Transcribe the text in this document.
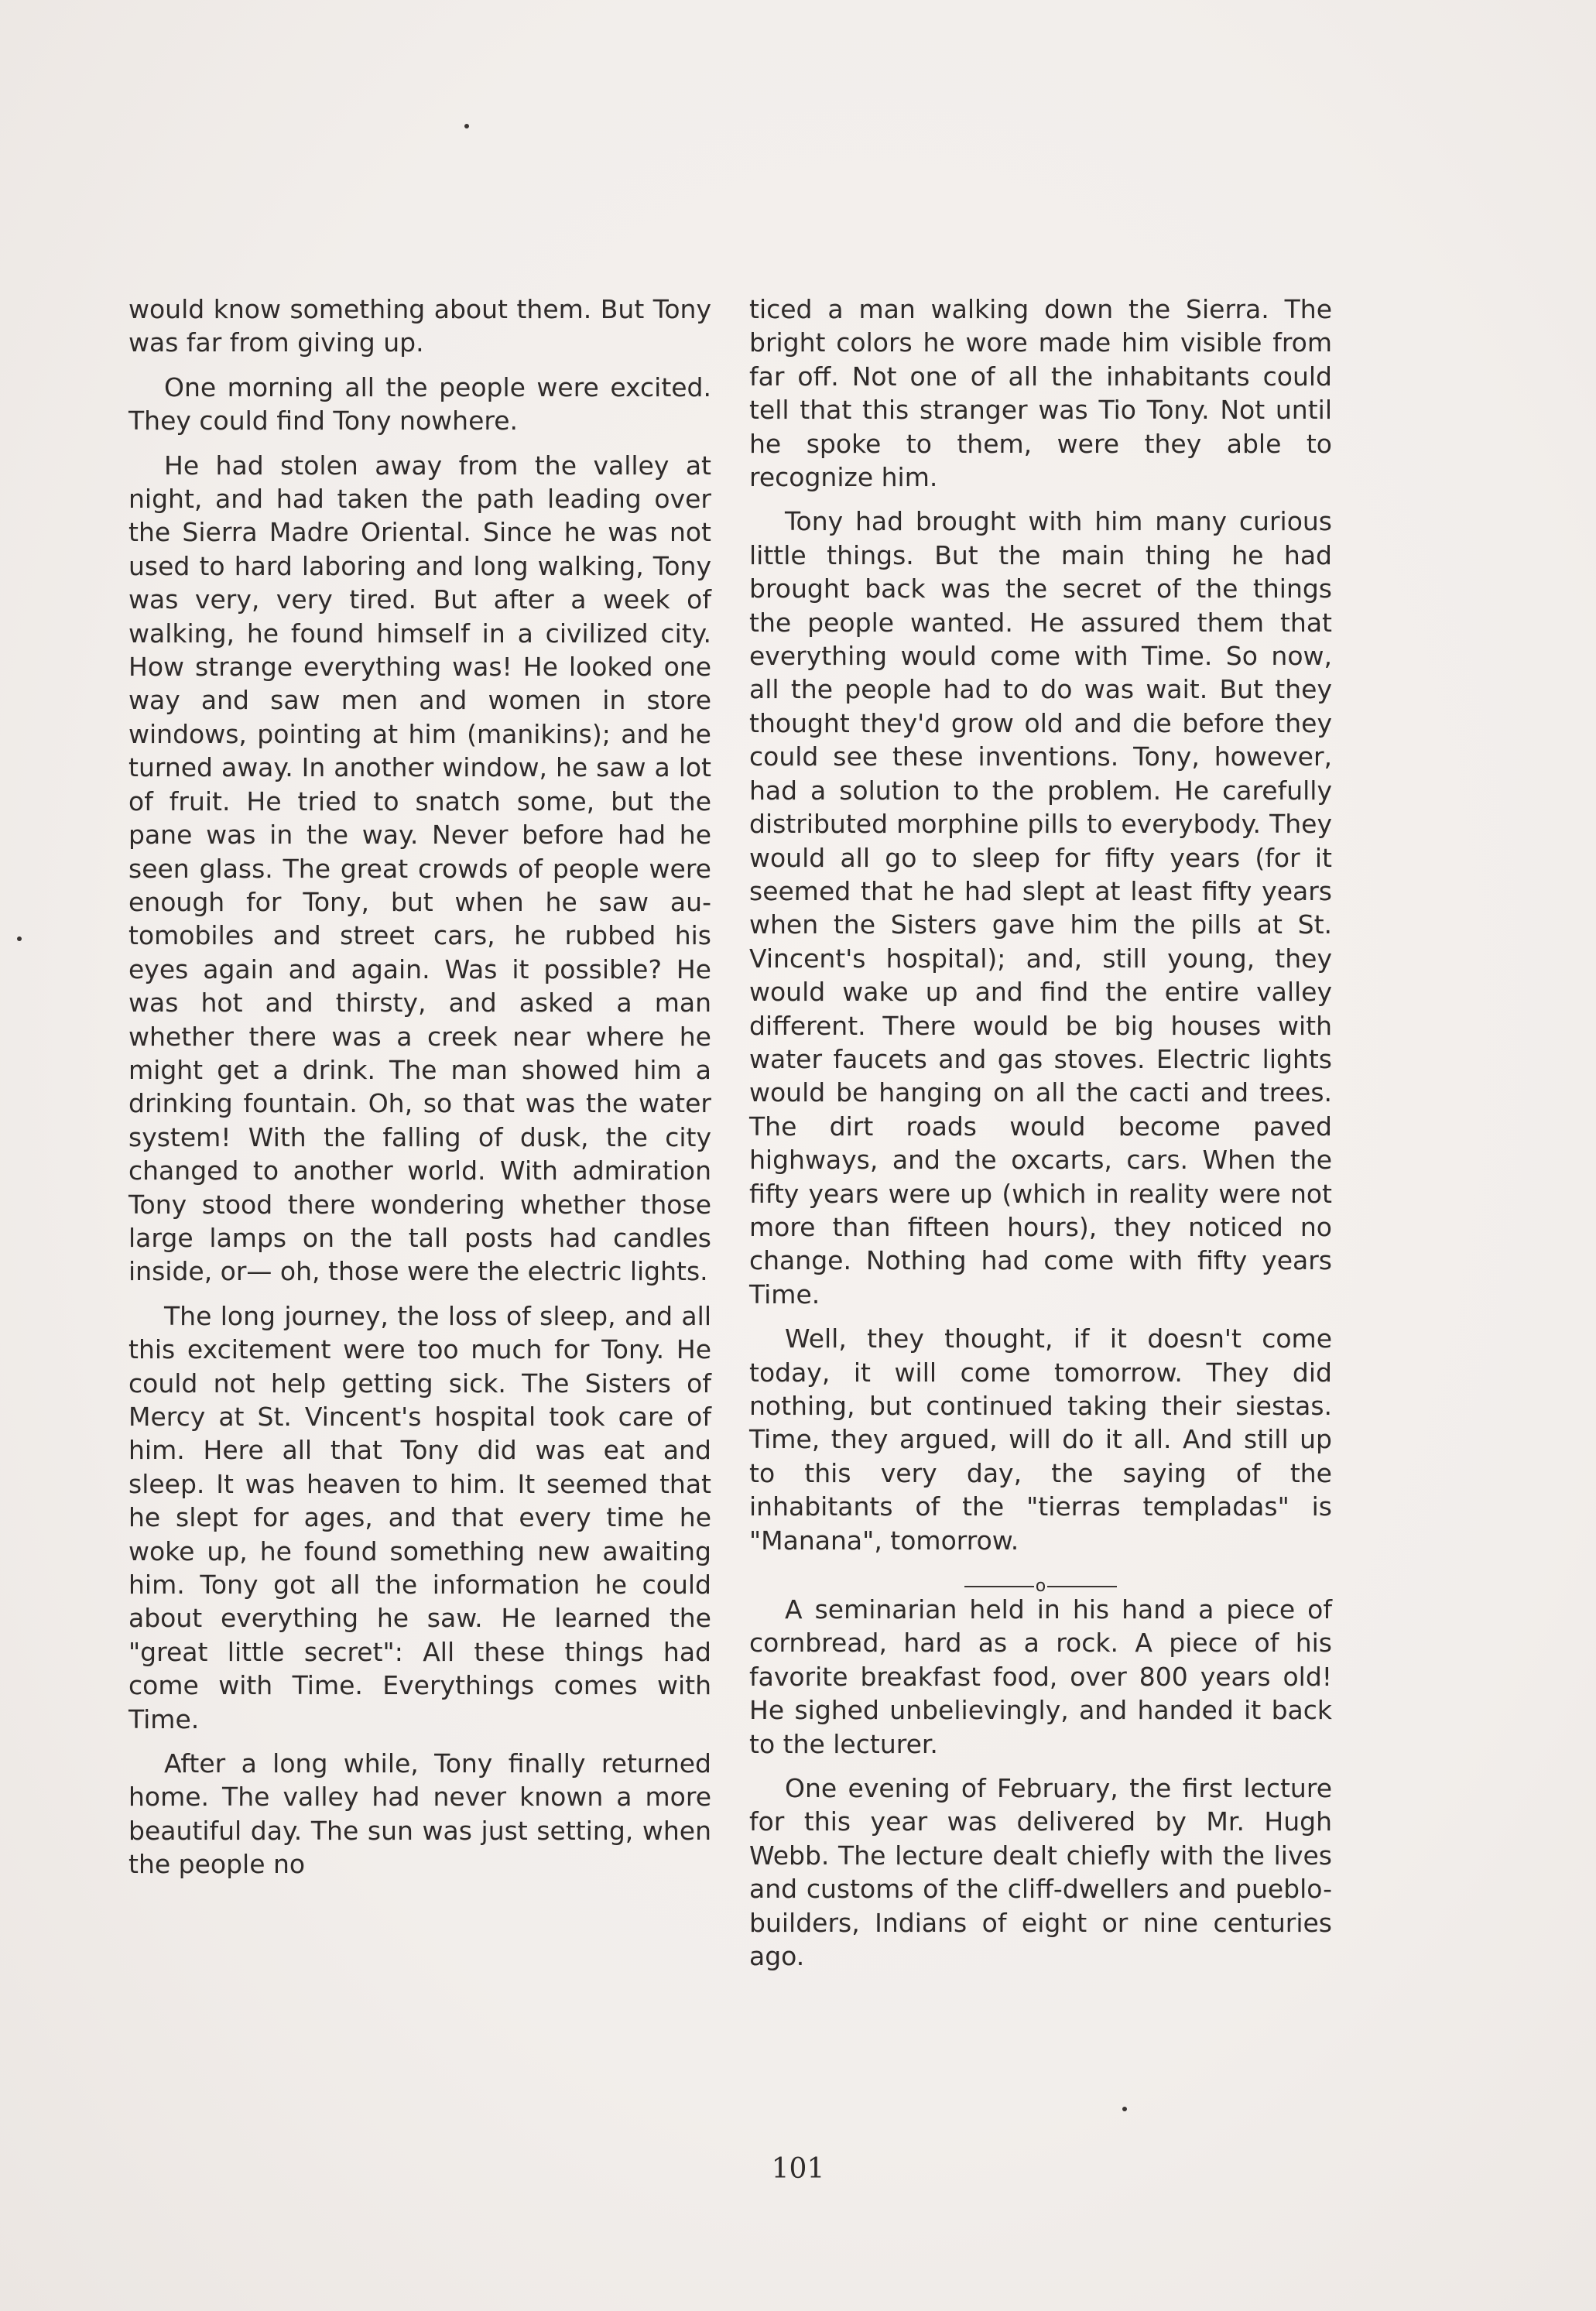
would know something about them. But Tony was far from giving up.

One morning all the people were excited. They could find Tony nowhere.

He had stolen away from the valley at night, and had taken the path leading over the Sierra Madre Oriental. Since he was not used to hard laboring and long walking, Tony was very, very tired. But after a week of walking, he found himself in a civilized city. How strange everything was! He looked one way and saw men and women in store windows, pointing at him (manikins); and he turned away. In another window, he saw a lot of fruit. He tried to snatch some, but the pane was in the way. Never before had he seen glass. The great crowds of people were enough for Tony, but when he saw automobiles and street cars, he rubbed his eyes again and again. Was it possible? He was hot and thirsty, and asked a man whether there was a creek near where he might get a drink. The man showed him a drinking fountain. Oh, so that was the water system! With the falling of dusk, the city changed to another world. With admiration Tony stood there wondering whether those large lamps on the tall posts had candles inside, or— oh, those were the electric lights.

The long journey, the loss of sleep, and all this excitement were too much for Tony. He could not help getting sick. The Sisters of Mercy at St. Vincent's hospital took care of him. Here all that Tony did was eat and sleep. It was heaven to him. It seemed that he slept for ages, and that every time he woke up, he found something new awaiting him. Tony got all the information he could about everything he saw. He learned the "great little secret": All these things had come with Time. Everythings comes with Time.

After a long while, Tony finally returned home. The valley had never known a more beautiful day. The sun was just setting, when the people no

ticed a man walking down the Sierra. The bright colors he wore made him visible from far off. Not one of all the inhabitants could tell that this stranger was Tio Tony. Not until he spoke to them, were they able to recognize him.

Tony had brought with him many curious little things. But the main thing he had brought back was the secret of the things the people wanted. He assured them that everything would come with Time. So now, all the people had to do was wait. But they thought they'd grow old and die before they could see these inventions. Tony, however, had a solution to the problem. He carefully distributed morphine pills to everybody. They would all go to sleep for fifty years (for it seemed that he had slept at least fifty years when the Sisters gave him the pills at St. Vincent's hospital); and, still young, they would wake up and find the entire valley different. There would be big houses with water faucets and gas stoves. Electric lights would be hanging on all the cacti and trees. The dirt roads would become paved highways, and the oxcarts, cars. When the fifty years were up (which in reality were not more than fifteen hours), they noticed no change. Nothing had come with fifty years Time.

Well, they thought, if it doesn't come today, it will come tomorrow. They did nothing, but continued taking their siestas. Time, they argued, will do it all. And still up to this very day, the saying of the inhabitants of the "tierras templadas" is "Manana", tomorrow.

o

A seminarian held in his hand a piece of cornbread, hard as a rock. A piece of his favorite breakfast food, over 800 years old! He sighed unbelievingly, and handed it back to the lecturer.

One evening of February, the first lecture for this year was delivered by Mr. Hugh Webb. The lecture dealt chiefly with the lives and customs of the cliff-dwellers and pueblo-builders, Indians of eight or nine centuries ago.

101
